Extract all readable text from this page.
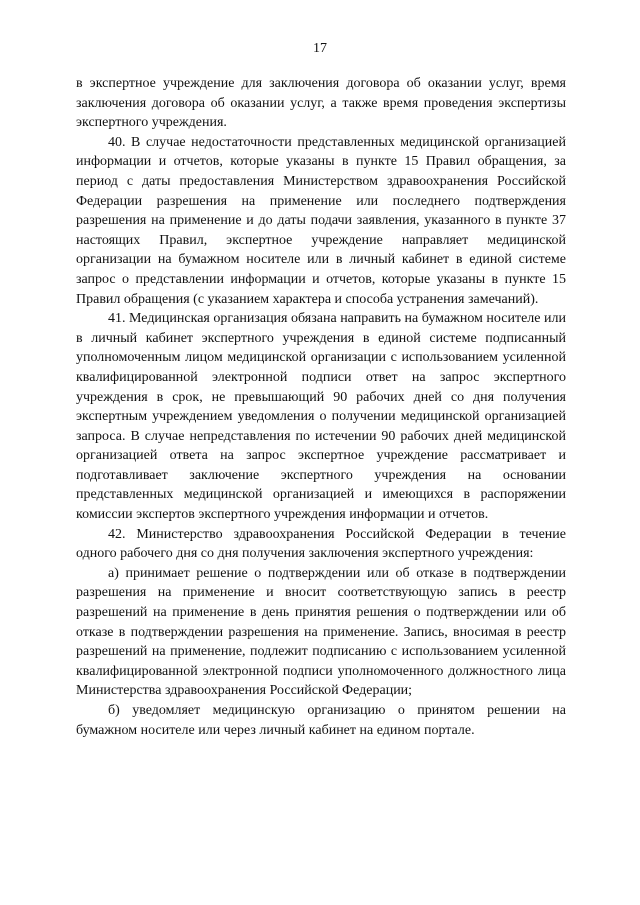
17

в экспертное учреждение для заключения договора об оказании услуг, время заключения договора об оказании услуг, а также время проведения экспертизы экспертного учреждения.

40. В случае недостаточности представленных медицинской организацией информации и отчетов, которые указаны в пункте 15 Правил обращения, за период с даты предоставления Министерством здравоохранения Российской Федерации разрешения на применение или последнего подтверждения разрешения на применение и до даты подачи заявления, указанного в пункте 37 настоящих Правил, экспертное учреждение направляет медицинской организации на бумажном носителе или в личный кабинет в единой системе запрос о представлении информации и отчетов, которые указаны в пункте 15 Правил обращения (с указанием характера и способа устранения замечаний).

41. Медицинская организация обязана направить на бумажном носителе или в личный кабинет экспертного учреждения в единой системе подписанный уполномоченным лицом медицинской организации с использованием усиленной квалифицированной электронной подписи ответ на запрос экспертного учреждения в срок, не превышающий 90 рабочих дней со дня получения экспертным учреждением уведомления о получении медицинской организацией запроса. В случае непредставления по истечении 90 рабочих дней медицинской организацией ответа на запрос экспертное учреждение рассматривает и подготавливает заключение экспертного учреждения на основании представленных медицинской организацией и имеющихся в распоряжении комиссии экспертов экспертного учреждения информации и отчетов.

42. Министерство здравоохранения Российской Федерации в течение одного рабочего дня со дня получения заключения экспертного учреждения:

а) принимает решение о подтверждении или об отказе в подтверждении разрешения на применение и вносит соответствующую запись в реестр разрешений на применение в день принятия решения о подтверждении или об отказе в подтверждении разрешения на применение. Запись, вносимая в реестр разрешений на применение, подлежит подписанию с использованием усиленной квалифицированной электронной подписи уполномоченного должностного лица Министерства здравоохранения Российской Федерации;

б) уведомляет медицинскую организацию о принятом решении на бумажном носителе или через личный кабинет на едином портале.
